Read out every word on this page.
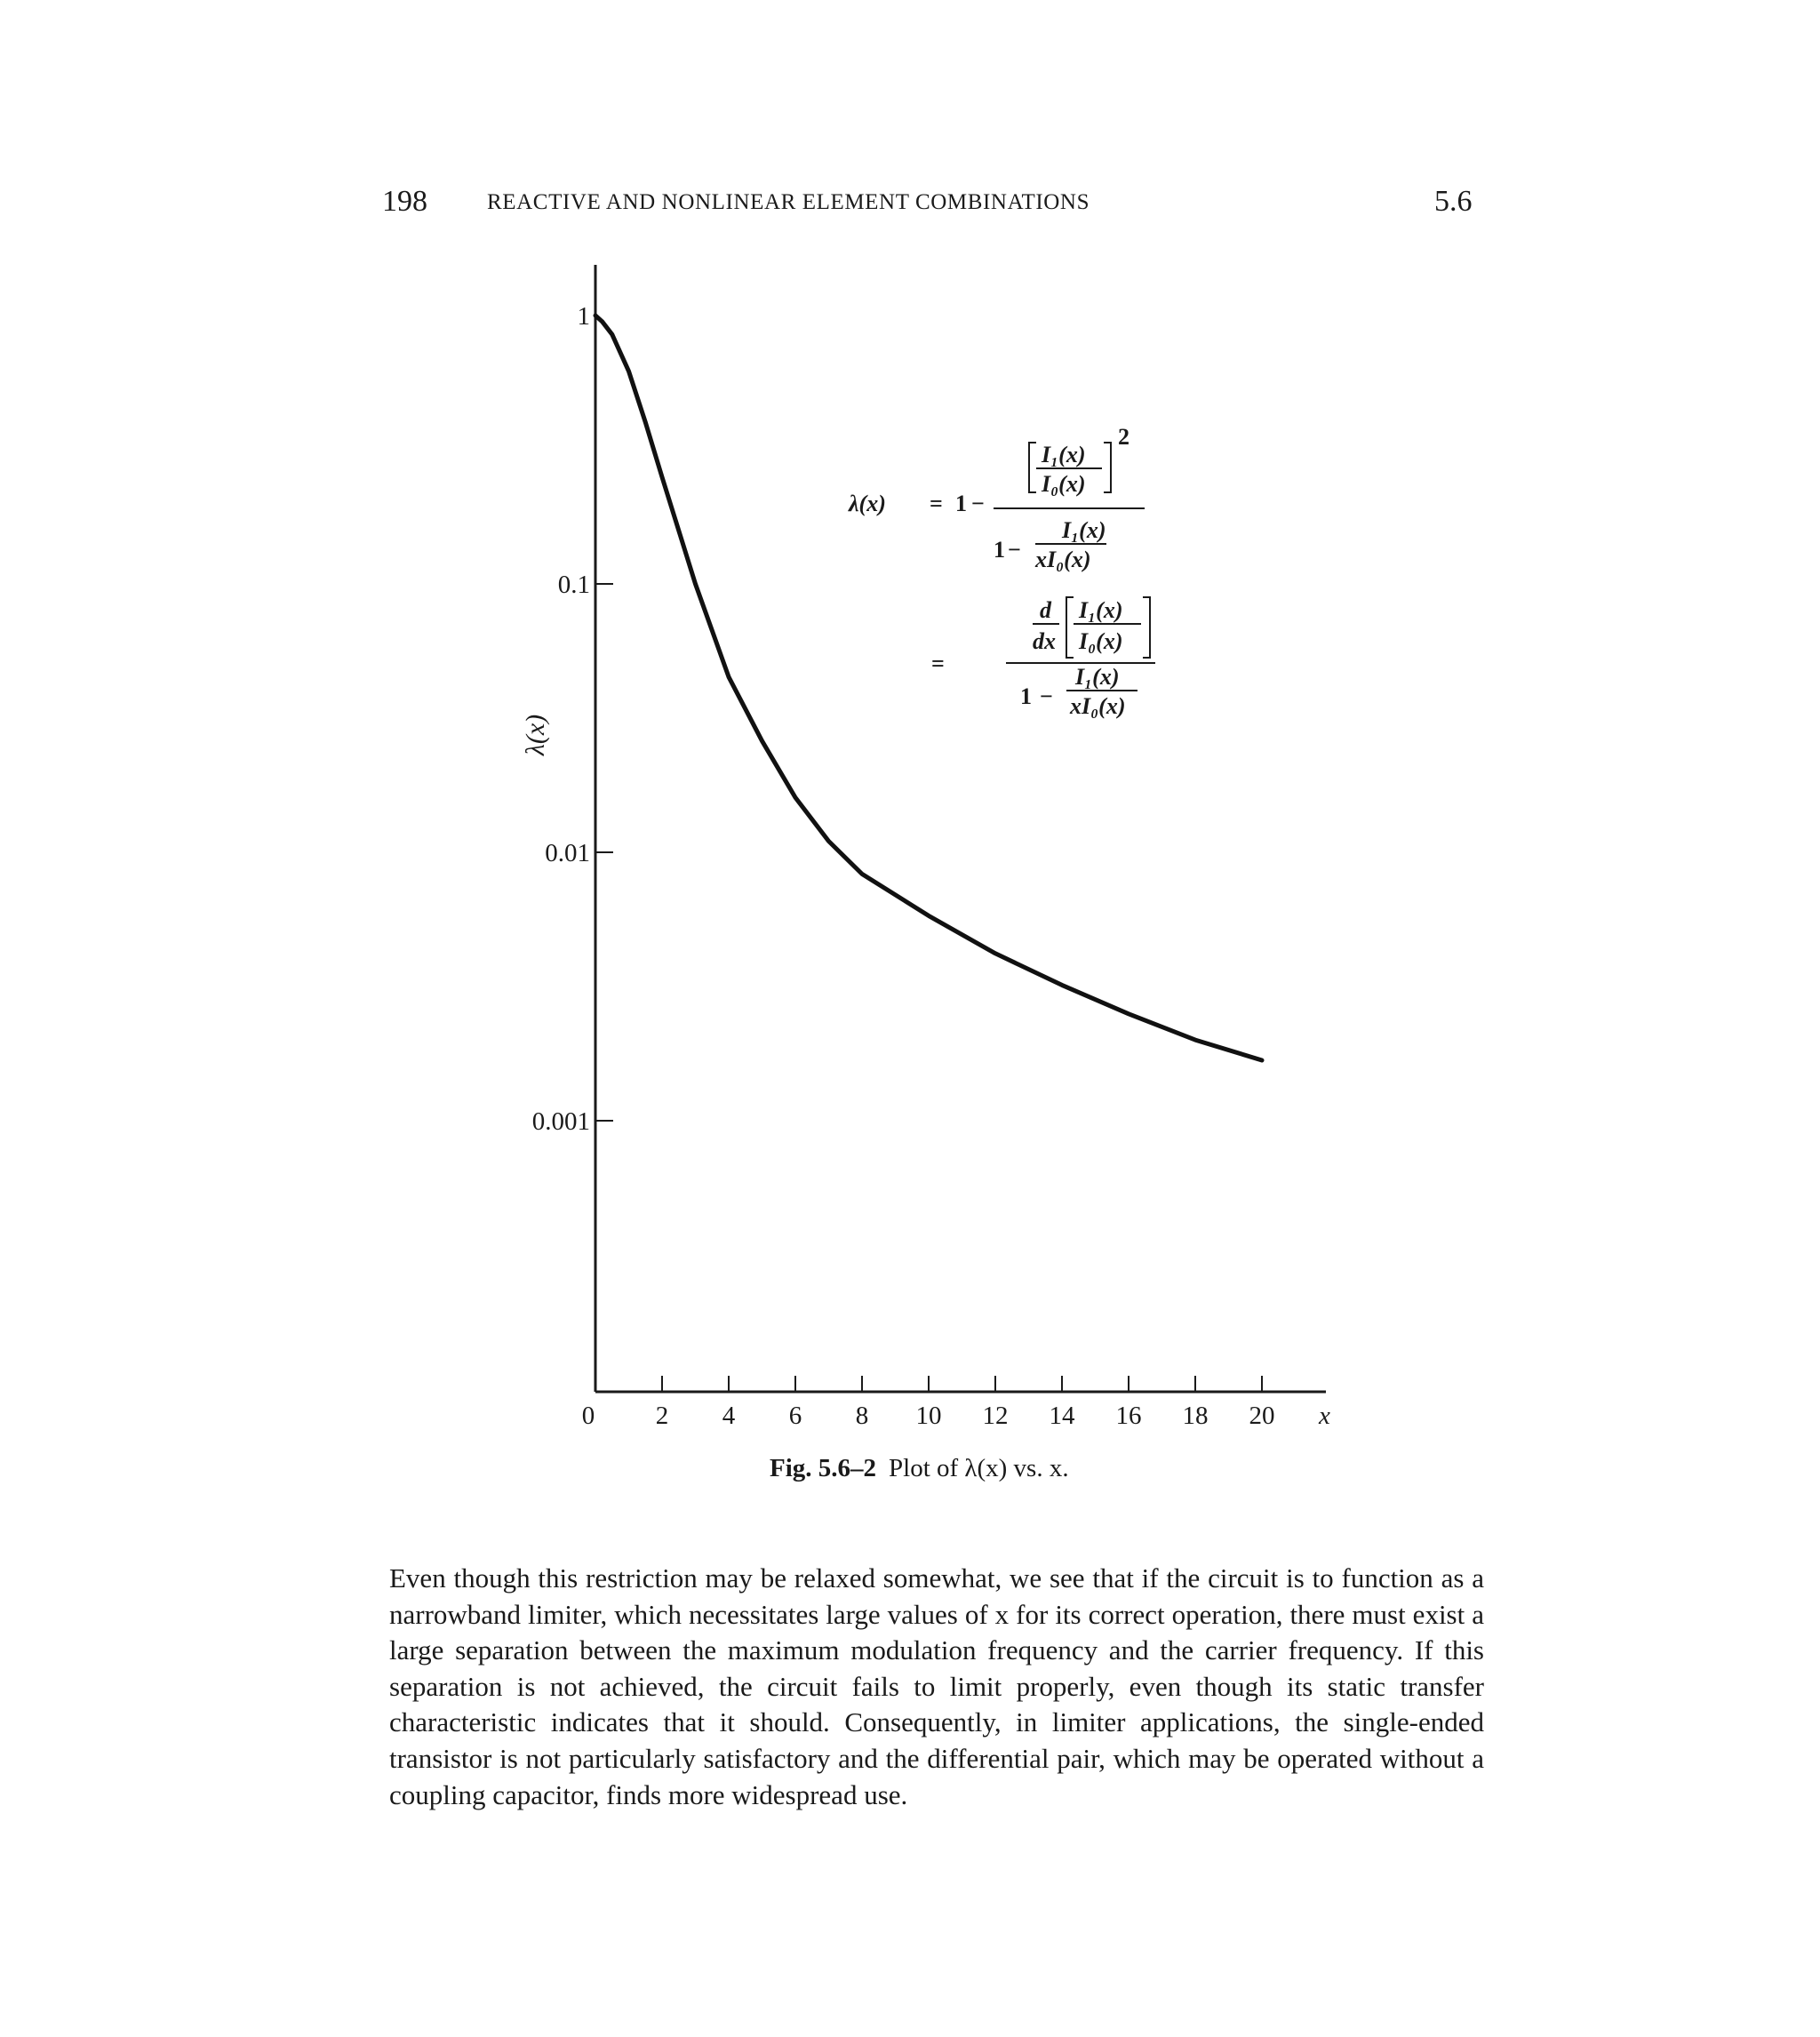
198	REACTIVE AND NONLINEAR ELEMENT COMBINATIONS	5.6
0 2 4 6 8 10 12 14 16 18 20 x
1
0.1
0.01
0.001
λ(x)
λ(x) = 1 −
I₁(x)
I₀(x)
2
1 −
I₁(x)
xI₀(x)
=
d
dx
I₁(x)
I₀(x)
1 −
I₁(x)
xI₀(x)
Fig. 5.6–2 Plot of λ(x) vs. x.

Even though this restriction may be relaxed somewhat, we see that if the circuit is to function as a narrowband limiter, which necessitates large values of x for its correct operation, there must exist a large separation between the maximum modulation frequency and the carrier frequency. If this separation is not achieved, the circuit fails to limit properly, even though its static transfer characteristic indicates that it should. Consequently, in limiter applications, the single-ended transistor is not particularly satisfactory and the differential pair, which may be operated without a coupling capacitor, finds more widespread use.
